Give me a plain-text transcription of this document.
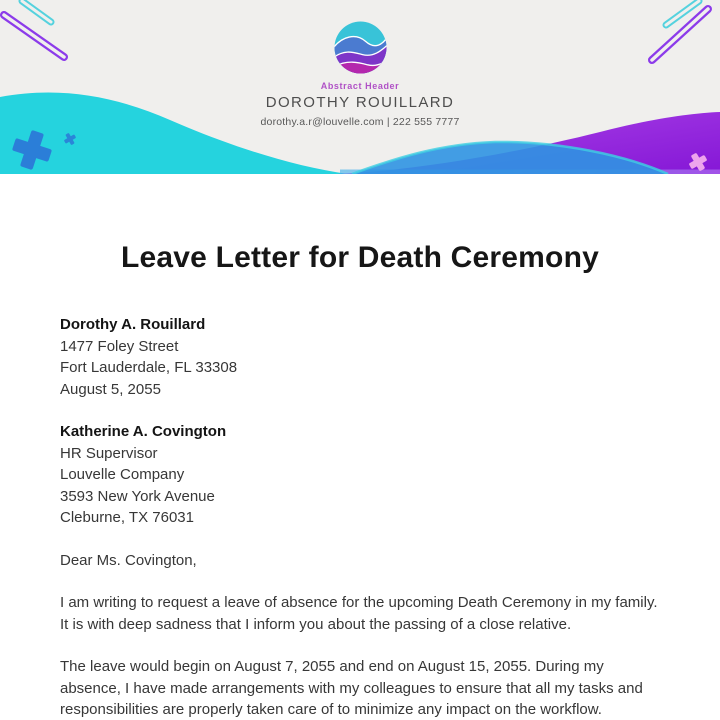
Abstract Header
DOROTHY ROUILLARD
dorothy.a.r@louvelle.com | 222 555 7777
Leave Letter for Death Ceremony
Dorothy A. Rouillard
1477 Foley Street
Fort Lauderdale, FL 33308
August 5, 2055
Katherine A. Covington
HR Supervisor
Louvelle Company
3593 New York Avenue
Cleburne, TX 76031

Dear Ms. Covington,

I am writing to request a leave of absence for the upcoming Death Ceremony in my family. It is with deep sadness that I inform you about the passing of a close relative.

The leave would begin on August 7, 2055 and end on August 15, 2055. During my absence, I have made arrangements with my colleagues to ensure that all my tasks and responsibilities are properly taken care of to minimize any impact on the workflow.
